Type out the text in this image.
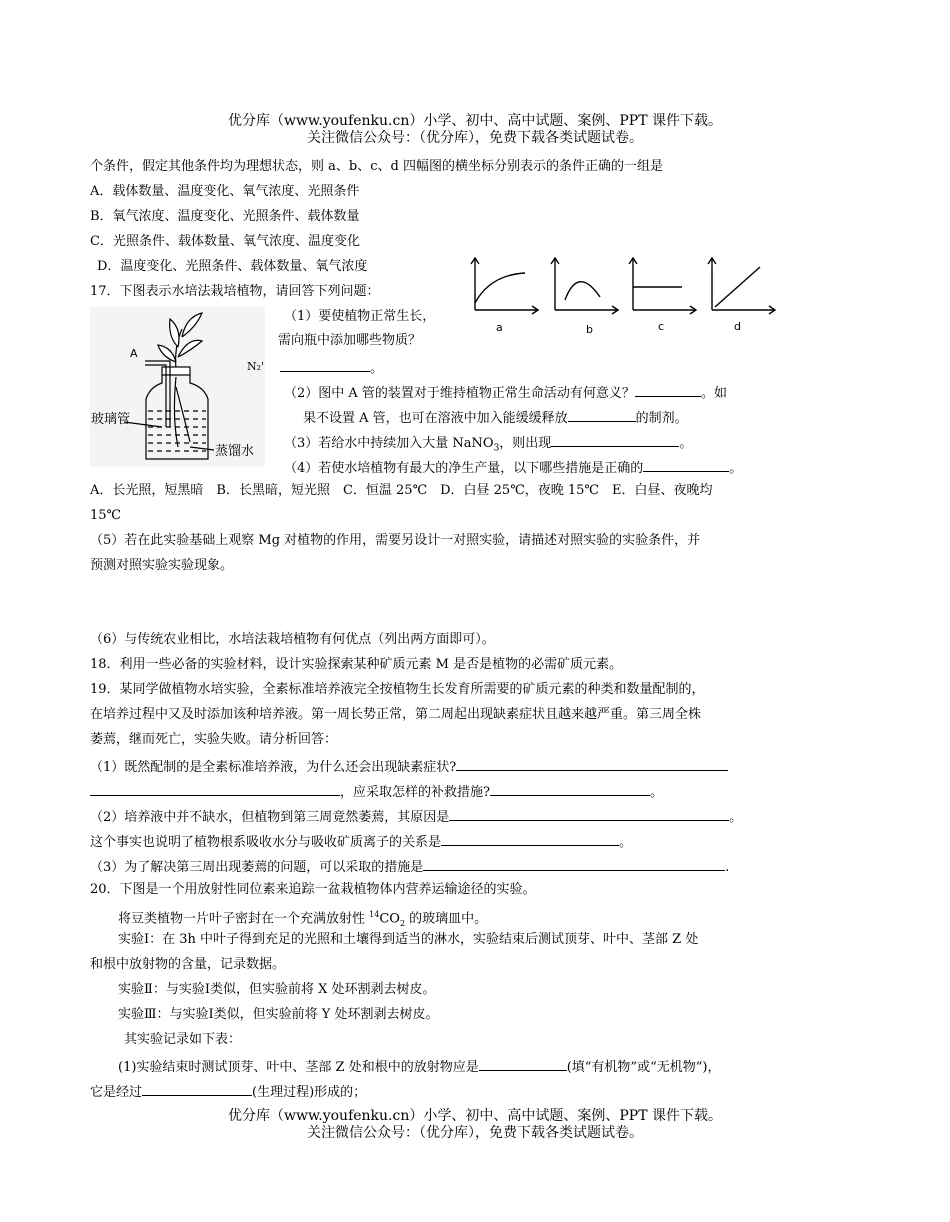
优分库（www.youfenku.cn）小学、初中、高中试题、案例、PPT 课件下载。
关注微信公众号：（优分库），免费下载各类试题试卷。
个条件，假定其他条件均为理想状态，则 a、b、c、d 四幅图的横坐标分别表示的条件正确的一组是
A．载体数量、温度变化、氧气浓度、光照条件
B．氧气浓度、温度变化、光照条件、载体数量
C．光照条件、载体数量、氧气浓度、温度变化
D．温度变化、光照条件、载体数量、氧气浓度
a	b	c	d
17．下图表示水培法栽培植物，请回答下列问题：
A
玻璃管
蒸馏水
（1）要使植物正常生长，
需向瓶中添加哪些物质？
N₂'	。
（2）图中 A 管的装置对于维持植物正常生命活动有何意义？	。如
果不设置 A 管，也可在溶液中加入能缓缓释放	的制剂。
（3）若给水中持续加入大量 NaNO$_3$，则出现	。
（4）若使水培植物有最大的净生产量，以下哪些措施是正确的	。
A．长光照，短黑暗　B．长黑暗，短光照　C．恒温 25℃　D．白昼 25℃，夜晚 15℃　E．白昼、夜晚均
15℃
（5）若在此实验基础上观察 Mg 对植物的作用，需要另设计一对照实验，请描述对照实验的实验条件，并
预测对照实验实验现象。
（6）与传统农业相比，水培法栽培植物有何优点（列出两方面即可）。
18．利用一些必备的实验材料，设计实验探索某种矿质元素 M 是否是植物的必需矿质元素。
19．某同学做植物水培实验，全素标准培养液完全按植物生长发育所需要的矿质元素的种类和数量配制的，
在培养过程中又及时添加该种培养液。第一周长势正常，第二周起出现缺素症状且越来越严重。第三周全株
萎蔫，继而死亡，实验失败。请分析回答：
（1）既然配制的是全素标准培养液，为什么还会出现缺素症状?
，应采取怎样的补救措施?	。
（2）培养液中并不缺水，但植物到第三周竟然萎蔫，其原因是	。
这个事实也说明了植物根系吸收水分与吸收矿质离子的关系是	。
（3）为了解决第三周出现萎蔫的问题，可以采取的措施是	.
20．下图是一个用放射性同位素来追踪一盆栽植物体内营养运输途径的实验。
将豆类植物一片叶子密封在一个充满放射性 $^{14}CO_2$ 的玻璃皿中。
实验Ⅰ：在 3h 中叶子得到充足的光照和土壤得到适当的淋水，实验结束后测试顶芽、叶中、茎部 Z 处
和根中放射物的含量，记录数据。
实验Ⅱ：与实验Ⅰ类似，但实验前将 X 处环割剥去树皮。
实验Ⅲ：与实验Ⅰ类似，但实验前将 Y 处环割剥去树皮。
其实验记录如下表：
(1)实验结束时测试顶芽、叶中、茎部 Z 处和根中的放射物应是	(填“有机物”或“无机物”)，
它是经过	(生理过程)形成的；
优分库（www.youfenku.cn）小学、初中、高中试题、案例、PPT 课件下载。
关注微信公众号：（优分库），免费下载各类试题试卷。
